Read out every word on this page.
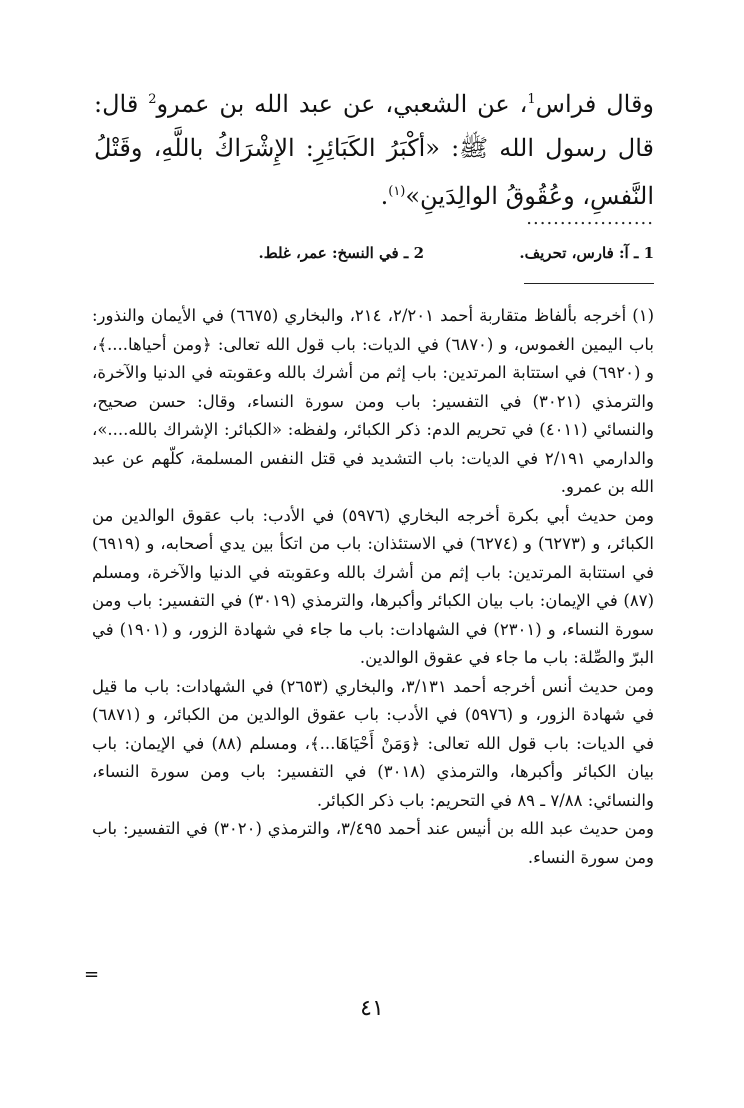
وقال فراس$^1$، عن الشعبي، عن عبد الله بن عمرو$^2$ قال: قال رسول الله ﷺ: «أكْبَرُ الكَبَائِرِ: الإِشْرَاكُ باللَّهِ، وقَتْلُ النَّفسِ، وعُقُوقُ الوالِدَينِ»$^{(١)}$.

...................
1 ـ آ: فارس، تحريف.
2 ـ في النسخ: عمر، غلط.

(١) أخرجه بألفاظ متقاربة أحمد ٢/٢٠١، ٢١٤، والبخاري (٦٦٧٥) في الأيمان والنذور: باب اليمين الغموس، و (٦٨٧٠) في الديات: باب قول الله تعالى: ﴿ومن أحياها....﴾، و (٦٩٢٠) في استتابة المرتدين: باب إثم من أشرك بالله وعقوبته في الدنيا والآخرة، والترمذي (٣٠٢١) في التفسير: باب ومن سورة النساء، وقال: حسن صحيح، والنسائي (٤٠١١) في تحريم الدم: ذكر الكبائر، ولفظه: «الكبائر: الإشراك بالله....»، والدارمي ٢/١٩١ في الديات: باب التشديد في قتل النفس المسلمة، كلّهم عن عبد الله بن عمرو.

ومن حديث أبي بكرة أخرجه البخاري (٥٩٧٦) في الأدب: باب عقوق الوالدين من الكبائر، و (٦٢٧٣) و (٦٢٧٤) في الاستئذان: باب من اتكأ بين يدي أصحابه، و (٦٩١٩) في استتابة المرتدين: باب إثم من أشرك بالله وعقوبته في الدنيا والآخرة، ومسلم (٨٧) في الإيمان: باب بيان الكبائر وأكبرها، والترمذي (٣٠١٩) في التفسير: باب ومن سورة النساء، و (٢٣٠١) في الشهادات: باب ما جاء في شهادة الزور، و (١٩٠١) في البرّ والصِّلة: باب ما جاء في عقوق الوالدين.

ومن حديث أنس أخرجه أحمد ٣/١٣١، والبخاري (٢٦٥٣) في الشهادات: باب ما قيل في شهادة الزور، و (٥٩٧٦) في الأدب: باب عقوق الوالدين من الكبائر، و (٦٨٧١) في الديات: باب قول الله تعالى: ﴿وَمَنْ أَحْيَاهَا...﴾، ومسلم (٨٨) في الإيمان: باب بيان الكبائر وأكبرها، والترمذي (٣٠١٨) في التفسير: باب ومن سورة النساء، والنسائي: ٧/٨٨ ـ ٨٩ في التحريم: باب ذكر الكبائر.

ومن حديث عبد الله بن أنيس عند أحمد ٣/٤٩٥، والترمذي (٣٠٢٠) في التفسير: باب ومن سورة النساء.

=
٤١
